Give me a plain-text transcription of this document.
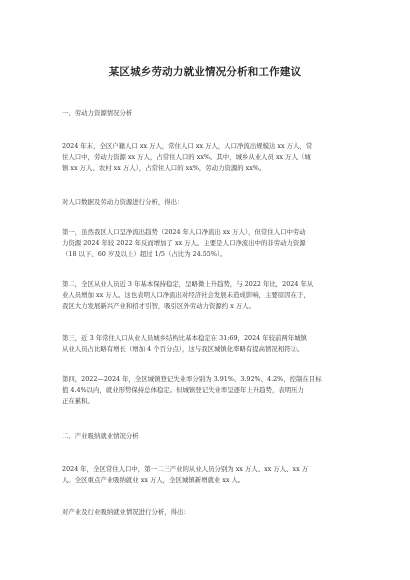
某区城乡劳动力就业情况分析和工作建议
一、劳动力资源情况分析
2024 年末，全区户籍人口 xx 万人，常住人口 xx 万人，人口净流出规模达 xx 万人，常
住人口中，劳动力资源 xx 万人，占常住人口的 xx%。其中，城乡从业人员 xx 万人（城
镇 xx 万人、农村 xx 万人），占常住人口的 xx%，劳动力资源的 xx%。
对人口数据及劳动力资源进行分析，得出：
第一，虽然我区人口呈净流出趋势（2024 年人口净流出 xx 万人），但常住人口中劳动
力资源 2024 年较 2022 年反而增加了 xx 万人。主要是人口净流出中的非劳动力资源
（18 以下、60 岁及以上）超过 1/5（占比为 24.55%）。
第二，全区从业人员近 3 年基本保持稳定，呈略微上升趋势，与 2022 年比，2024 年从
业人员增加 xx 万人。这也表明人口净流出对经济社会发展未造成影响，主要原因在于，
我区大力发展新兴产业和招才引智，吸引区外劳动力资源约 x 万人。
第三，近 3 年常住人口从业人员城乡结构比基本稳定在 31:69，2024 年较前两年城镇
从业人员占比略有增长（增加 4 个百分点），这与我区城镇化率略有提高情况相符②。
第四，2022—2024 年，全区城镇登记失业率分别为 3.91%、3.92%、4.2%，控制在目标
值 4.4%以内，就业形势保持总体稳定。但城镇登记失业率呈逐年上升趋势，表明压力
正在累积。
二、产业吸纳就业情况分析
2024 年，全区常住人口中，第一二三产业的从业人员分别为 xx 万人、xx 万人、xx 万
人。全区重点产业吸纳就业 xx 万人，全区城镇新增就业 xx 人。
对产业及行业吸纳就业情况进行分析，得出：
